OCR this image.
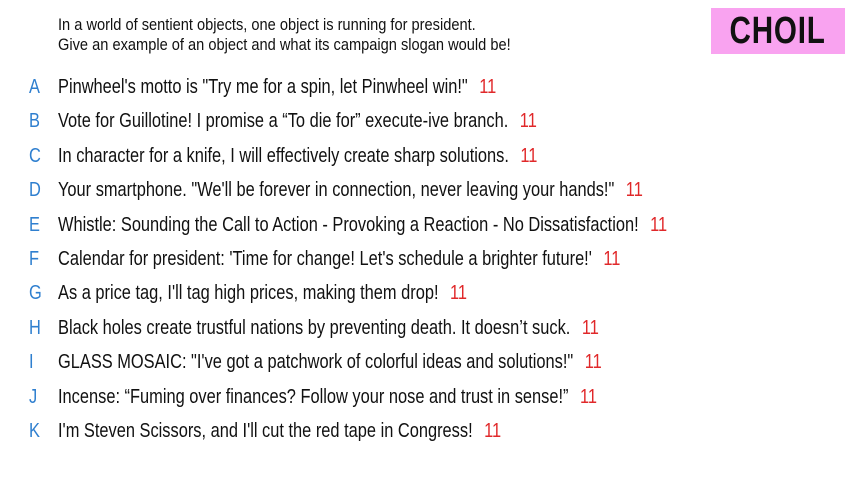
In a world of sentient objects, one object is running for president.
Give an example of an object and what its campaign slogan would be!	CHOIL
A Pinwheel's motto is "Try me for a spin, let Pinwheel win!" 11
B Vote for Guillotine! I promise a “To die for” execute-ive branch. 11
C In character for a knife, I will effectively create sharp solutions. 11
D Your smartphone. "We'll be forever in connection, never leaving your hands!" 11
E Whistle: Sounding the Call to Action - Provoking a Reaction - No Dissatisfaction! 11
F Calendar for president: 'Time for change! Let's schedule a brighter future!' 11
G As a price tag, I'll tag high prices, making them drop! 11
H Black holes create trustful nations by preventing death. It doesn’t suck. 11
I GLASS MOSAIC: "I've got a patchwork of colorful ideas and solutions!" 11
J Incense: “Fuming over finances? Follow your nose and trust in sense!” 11
K I'm Steven Scissors, and I'll cut the red tape in Congress! 11
